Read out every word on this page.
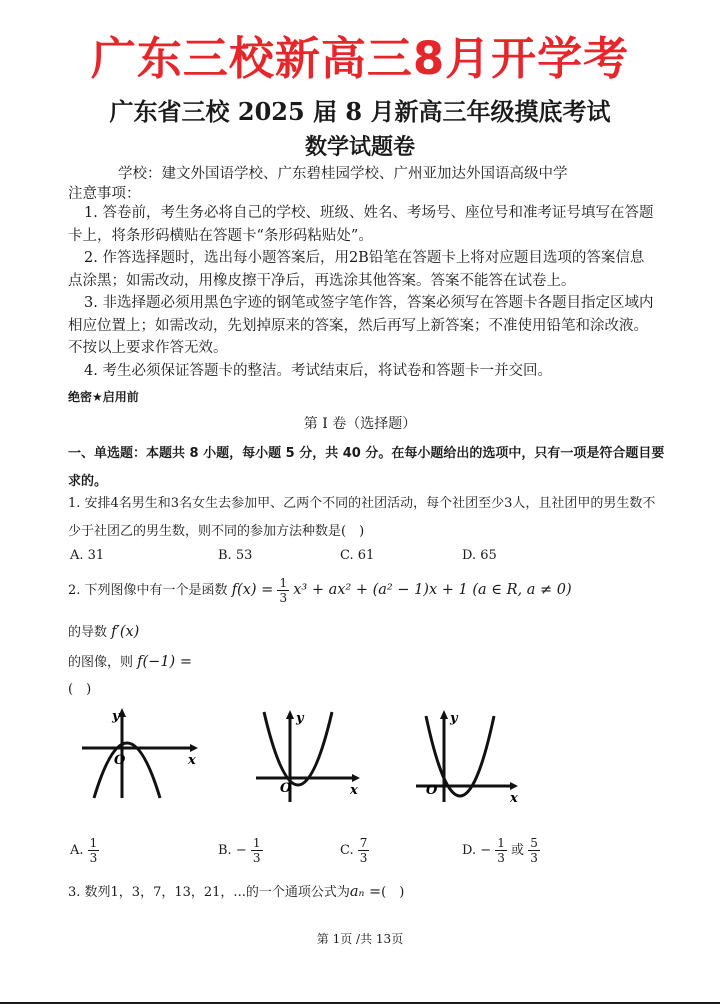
广东三校新高三8月开学考
广东省三校 2025 届 8 月新高三年级摸底考试
数学试题卷
学校：建文外国语学校、广东碧桂园学校、广州亚加达外国语高级中学
注意事项：

1. 答卷前，考生务必将自己的学校、班级、姓名、考场号、座位号和准考证号填写在答题卡上，将条形码横贴在答题卡“条形码粘贴处”。

2. 作答选择题时，选出每小题答案后，用2B铅笔在答题卡上将对应题目选项的答案信息点涂黑；如需改动，用橡皮擦干净后，再选涂其他答案。答案不能答在试卷上。

3. 非选择题必须用黑色字迹的钢笔或签字笔作答，答案必须写在答题卡各题目指定区域内相应位置上；如需改动，先划掉原来的答案，然后再写上新答案；不准使用铅笔和涂改液。不按以上要求作答无效。

4. 考生必须保证答题卡的整洁。考试结束后，将试卷和答题卡一并交回。

绝密★启用前
第 I 卷（选择题）
一、单选题：本题共 8 小题，每小题 5 分，共 40 分。在每小题给出的选项中，只有一项是符合题目要求的。
1. 安排4名男生和3名女生去参加甲、乙两个不同的社团活动，每个社团至少3人，且社团甲的男生数不少于社团乙的男生数，则不同的参加方法种数是(　)
A. 31	B. 53	C. 61	D. 65
2. 下列图像中有一个是函数 $f(x) = \frac{1}{3} x^3 + ax^2 + (a^2 - 1)x + 1$ (a ∈ R, a ≠ 0)
的导数 f′(x)
的图像，则 f(−1) =
(　)
y
x
O
y
x
O
y
x
O
A. $\frac{1}{3}$	B. − $\frac{1}{3}$	C. $\frac{7}{3}$	D. − $\frac{1}{3}$ 或 $\frac{5}{3}$
3. 数列1，3，7，13，21，...的一个通项公式为aₙ =(　)
第 1页 /共 13页
